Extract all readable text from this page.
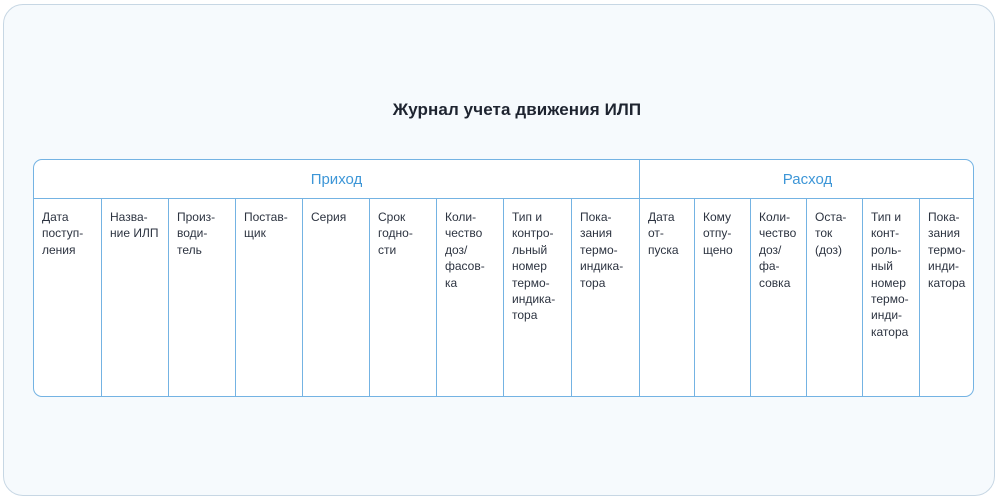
Журнал учета движения ИЛП
Приход	Расход
Дата
поступ-
ления
Назва-
ние ИЛП
Произ-
води-
тель
Постав-
щик
Серия	Срок
годно-
сти
Коли-
чество
доз/
фасов-
ка
Тип и
контро-
льный
номер
термо-
индика-
тора
Пока-
зания
термо-
индика-
тора
Дата
от-
пуска
Кому
отпу-
щено
Коли-
чество
доз/
фа-
совка
Оста-
ток
(доз)
Тип и
конт-
роль-
ный
номер
термо-
инди-
катора
Пока-
зания
термо-
инди-
катора
